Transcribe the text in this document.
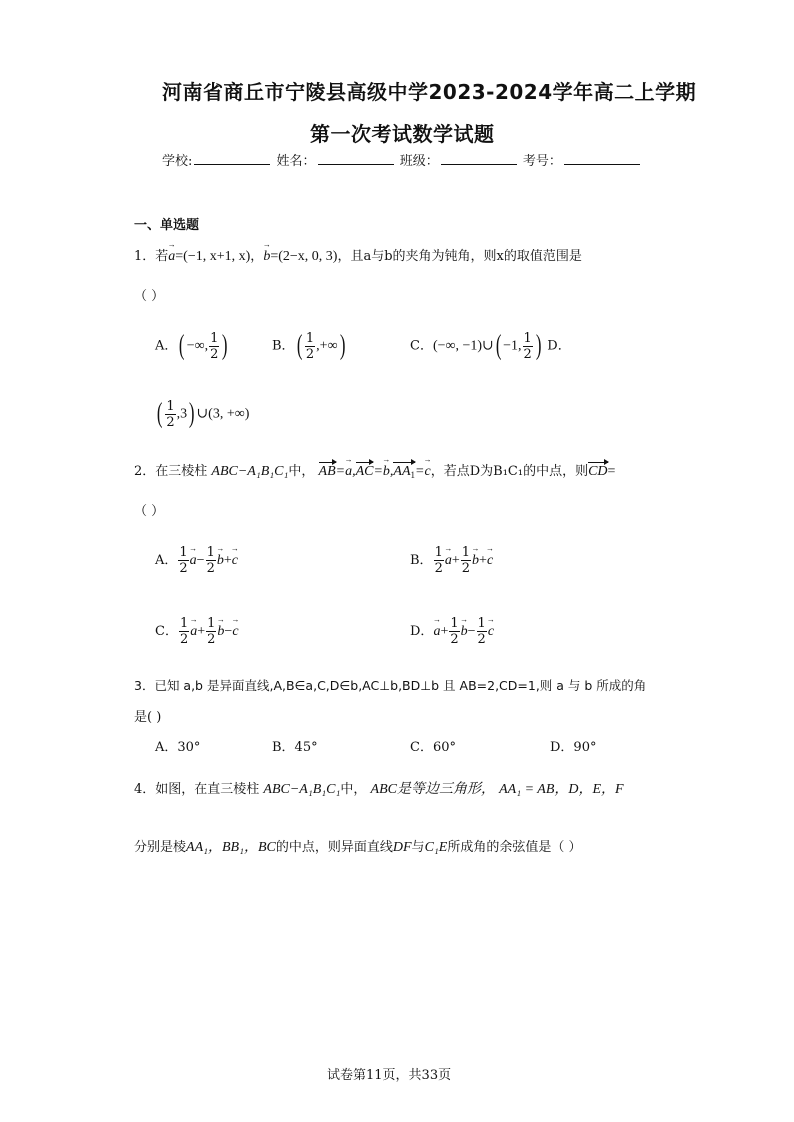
河南省商丘市宁陵县高级中学2023-2024学年高二上学期
第一次考试数学试题
学校:	姓名：	班级：	考号：
一、单选题
1．若→ a=(−1, x+1, x)，→ b=(2−x, 0, 3)，且a与b的夹角为钝角，则x的取值范围是
（ ）
A．( −∞, $\frac{1}{2}$ )	B．( $\frac{1}{2}$ ,+∞)	C．(−∞, −1)∪( −1, $\frac{1}{2}$ ) D．
( $\frac{1}{2} ,3$) ∪(3, +∞)
2．在三棱柱 ABC−A₁B₁C₁中， $AB=\to a,AC=\to b,AA_1=\to c$，若点D为B₁C₁的中点，则CD=
（ ）
A． $\frac{1}{2}$
→ $a- \frac{1}{2}$
→ b+→ c	B． $\frac{1}{2}$
→ $a+ \frac{1}{2}$
→ b+→ c
C． $\frac{1}{2}$
→ $a+ \frac{1}{2}$
→ b−→ c	D．→ $a+ \frac{1}{2}$
→ $b- \frac{1}{2}$
→ c
3．已知 a,b 是异面直线,A,B∈a,C,D∈b,AC⊥b,BD⊥b 且 AB=2,CD=1,则 a 与 b 所成的角
是( )
A．30°	B．45°	C．60°	D．90°
4．如图，在直三棱柱 ABC−A₁B₁C₁中， ABC是等边三角形， AA₁ = AB，D，E，F
分别是棱AA₁，BB₁，BC的中点，则异面直线DF与C₁E所成角的余弦值是（ ）
试卷第11页，共33页
